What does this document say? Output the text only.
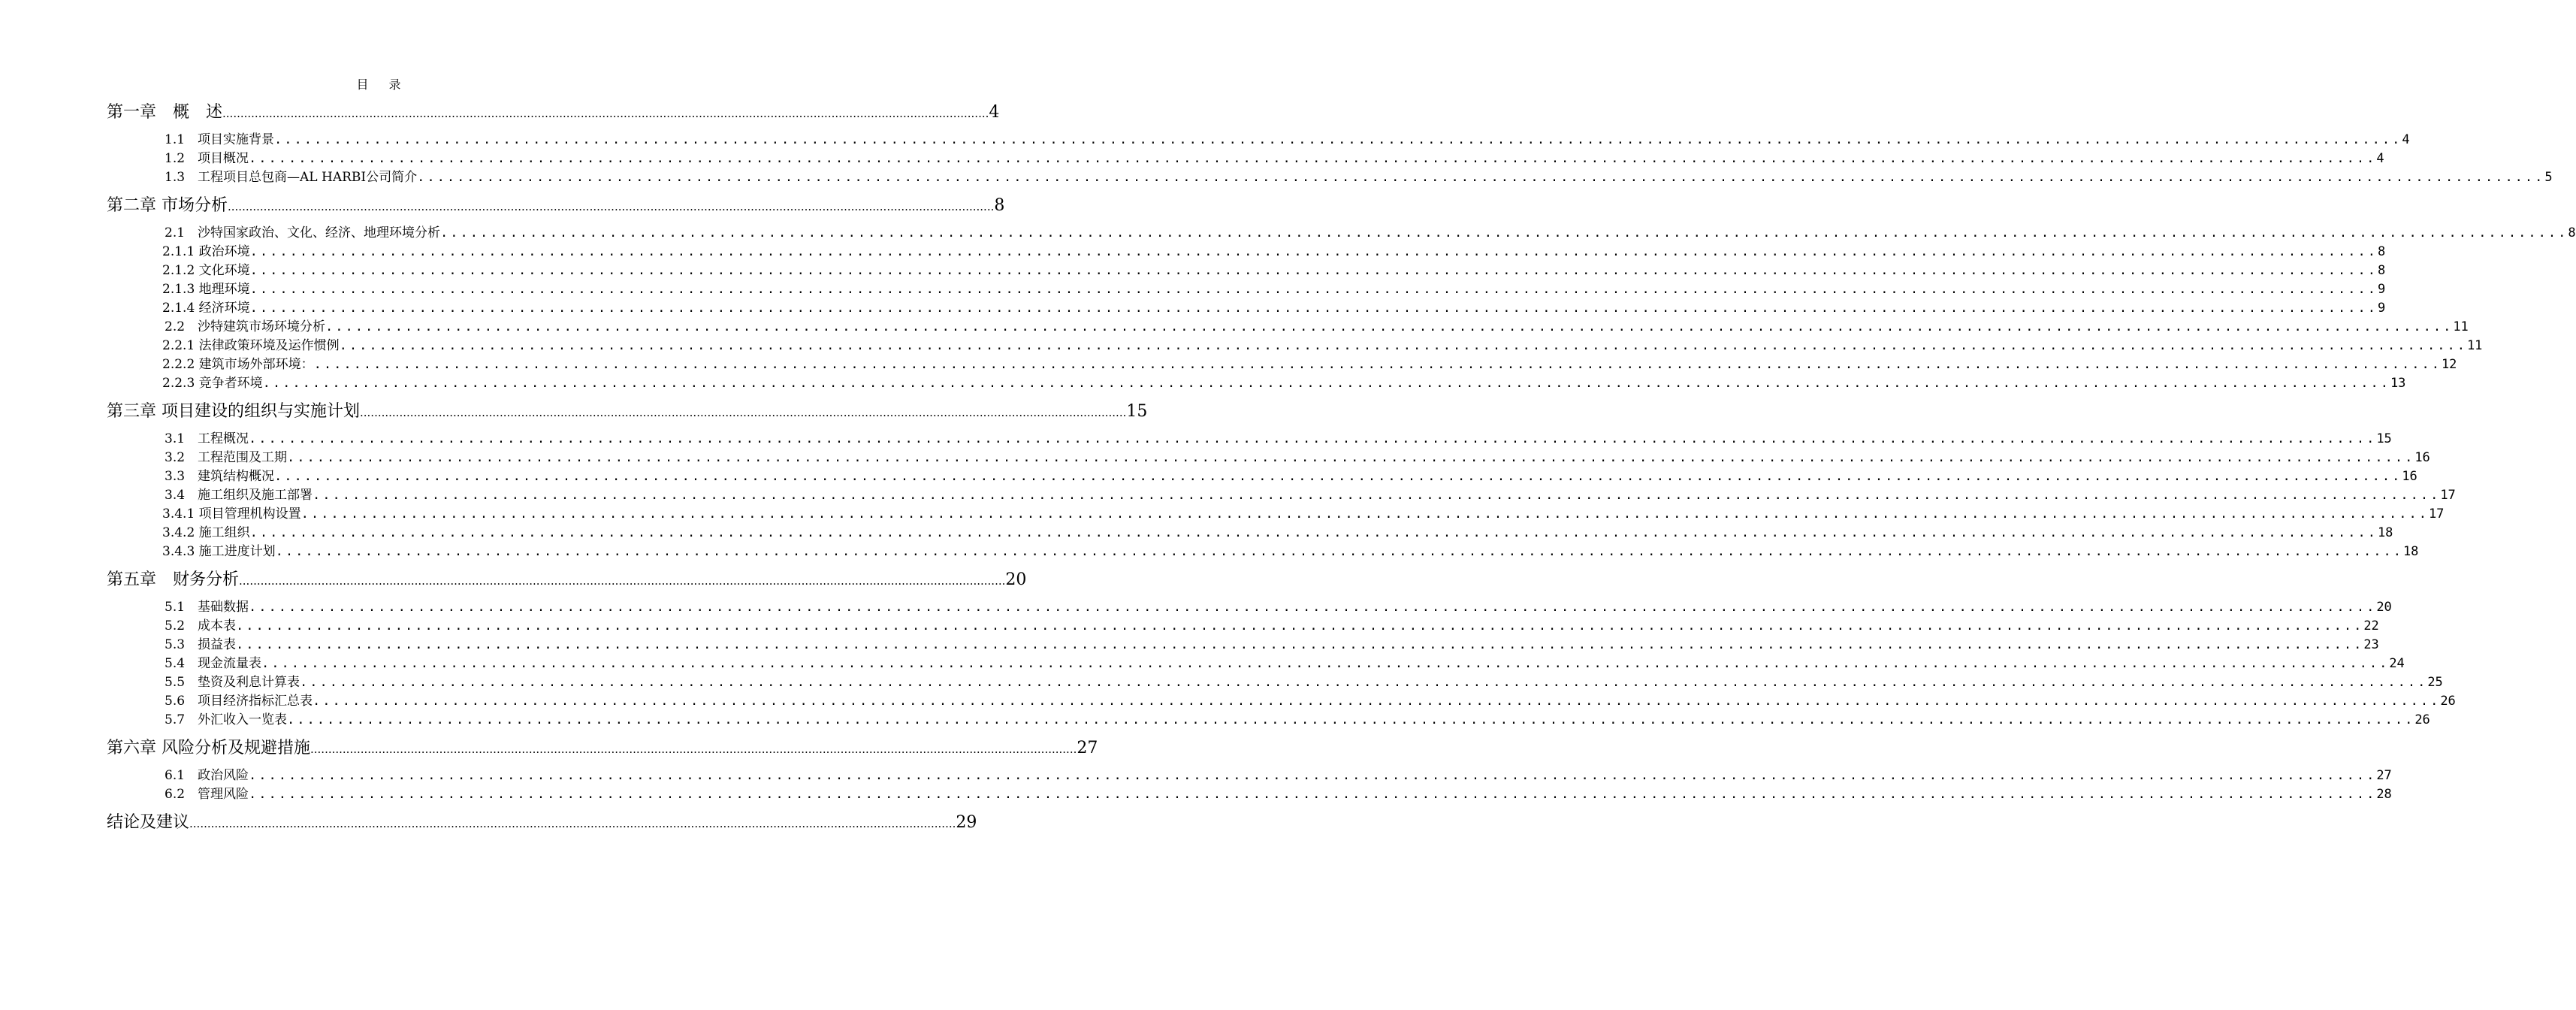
目 录
第一章　概　述 ...................................................................................................................................................................................................................... 4
1.1　项目实施背景 ...................................................................................................................................................................................................................... 4
1.2　项目概况 ...................................................................................................................................................................................................................... 4
1.3　工程项目总包商—AL HARBI公司简介 ...................................................................................................................................................................................................................... 5
第二章 市场分析 ...................................................................................................................................................................................................................... 8
2.1　沙特国家政治、文化、经济、地理环境分析 ...................................................................................................................................................................................................................... 8
2.1.1 政治环境 ...................................................................................................................................................................................................................... 8
2.1.2 文化环境 ...................................................................................................................................................................................................................... 8
2.1.3 地理环境 ...................................................................................................................................................................................................................... 9
2.1.4 经济环境 ...................................................................................................................................................................................................................... 9
2.2　沙特建筑市场环境分析 ...................................................................................................................................................................................................................... 11
2.2.1 法律政策环境及运作惯例 ...................................................................................................................................................................................................................... 11
2.2.2 建筑市场外部环境： ...................................................................................................................................................................................................................... 12
2.2.3 竞争者环境 ...................................................................................................................................................................................................................... 13
第三章 项目建设的组织与实施计划 ...................................................................................................................................................................................................................... 15
3.1　工程概况 ...................................................................................................................................................................................................................... 15
3.2　工程范围及工期 ...................................................................................................................................................................................................................... 16
3.3　建筑结构概况 ...................................................................................................................................................................................................................... 16
3.4　施工组织及施工部署 ...................................................................................................................................................................................................................... 17
3.4.1 项目管理机构设置 ...................................................................................................................................................................................................................... 17
3.4.2 施工组织 ...................................................................................................................................................................................................................... 18
3.4.3 施工进度计划 ...................................................................................................................................................................................................................... 18
第五章　财务分析 ...................................................................................................................................................................................................................... 20
5.1　基础数据 ...................................................................................................................................................................................................................... 20
5.2　成本表 ...................................................................................................................................................................................................................... 22
5.3　损益表 ...................................................................................................................................................................................................................... 23
5.4　现金流量表 ...................................................................................................................................................................................................................... 24
5.5　垫资及利息计算表 ...................................................................................................................................................................................................................... 25
5.6　项目经济指标汇总表 ...................................................................................................................................................................................................................... 26
5.7　外汇收入一览表 ...................................................................................................................................................................................................................... 26
第六章 风险分析及规避措施 ...................................................................................................................................................................................................................... 27
6.1　政治风险 ...................................................................................................................................................................................................................... 27
6.2　管理风险 ...................................................................................................................................................................................................................... 28
结论及建议 ...................................................................................................................................................................................................................... 29
